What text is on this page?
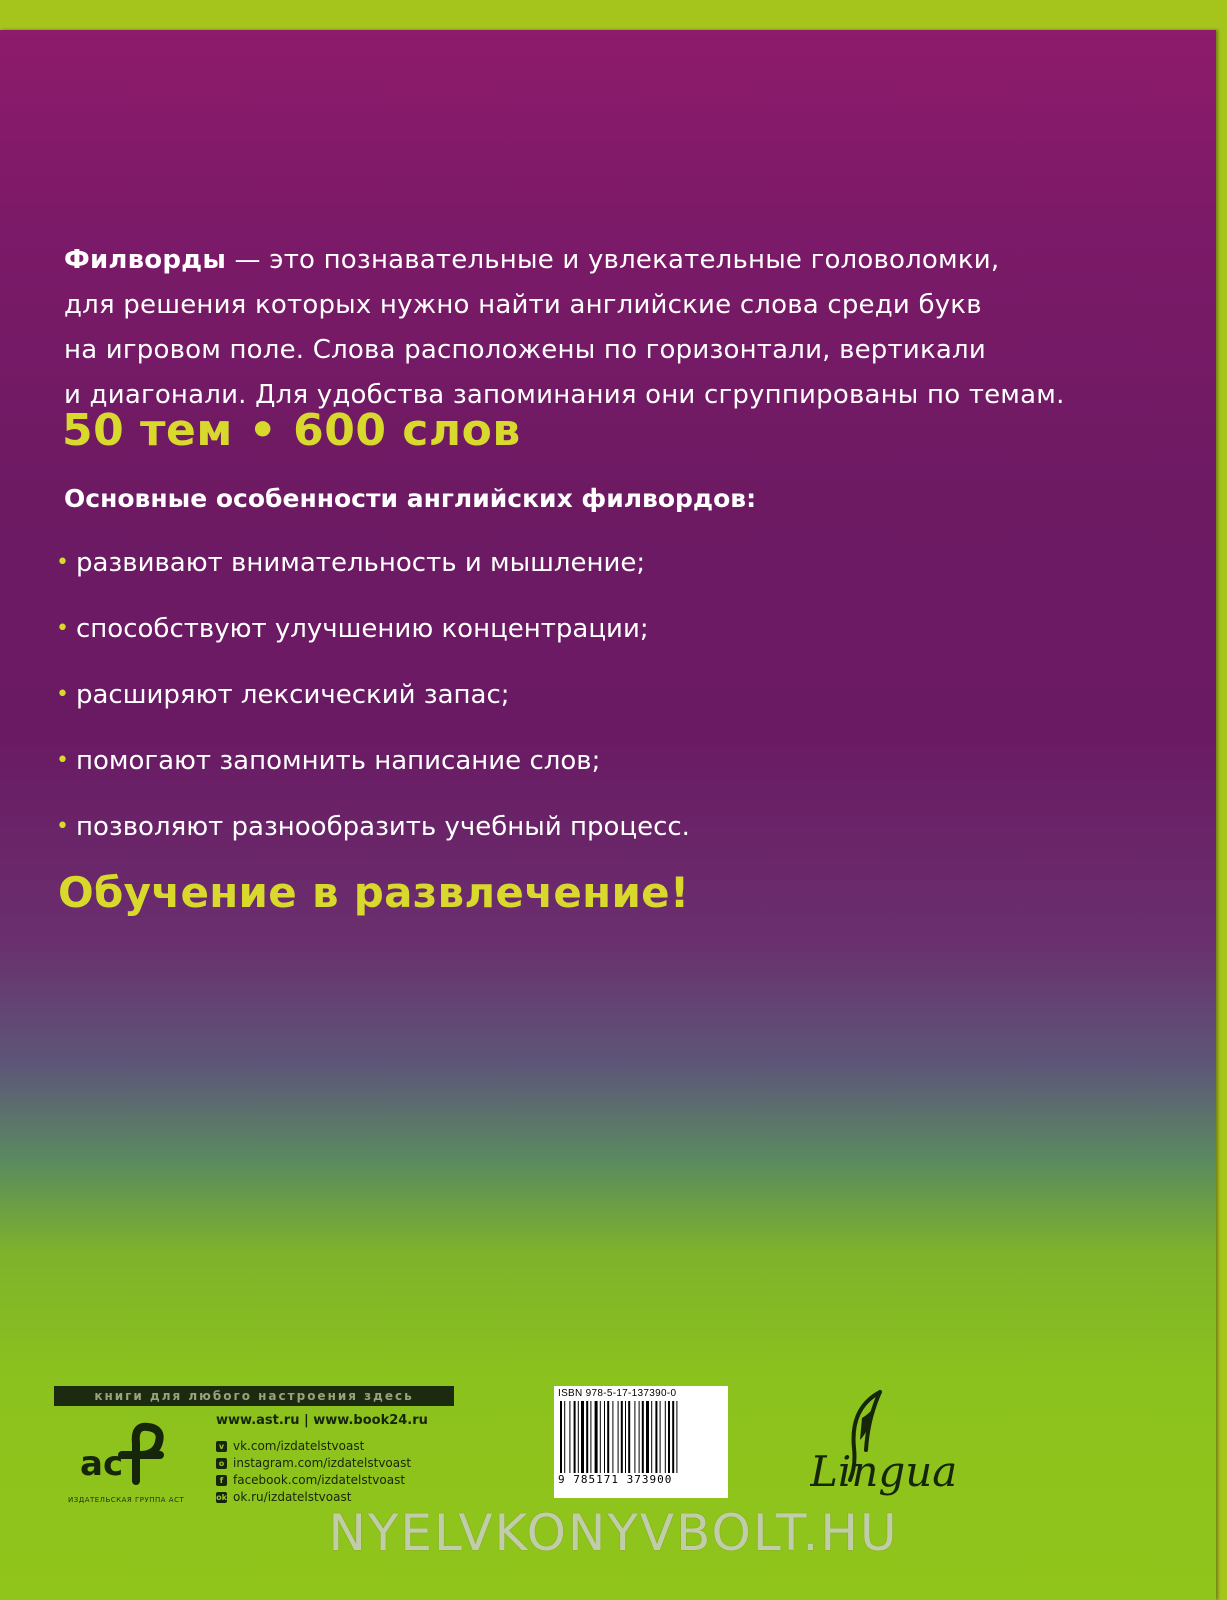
Филворды — это познавательные и увлекательные головоломки,
для решения которых нужно найти английские слова среди букв
на игровом поле. Слова расположены по горизонтали, вертикали
и диагонали. Для удобства запоминания они сгруппированы по темам.

50 тем • 600 слов
Основные особенности английских филвордов:
• развивают внимательность и мышление;
• способствуют улучшению концентрации;
• расширяют лексический запас;
• помогают запомнить написание слов;
• позволяют разнообразить учебный процесс.
Обучение в развлечение!
книги для любого настроения здесь
ac
ИЗДАТЕЛЬСКАЯ ГРУППА АСТ
www.ast.ru | www.book24.ru
v vk.com/izdatelstvoast
o instagram.com/izdatelstvoast
f facebook.com/izdatelstvoast
ok ok.ru/izdatelstvoast
ISBN 978-5-17-137390-0
9 785171 373900	Lingua
NYELVKONYVBOLT.HU
